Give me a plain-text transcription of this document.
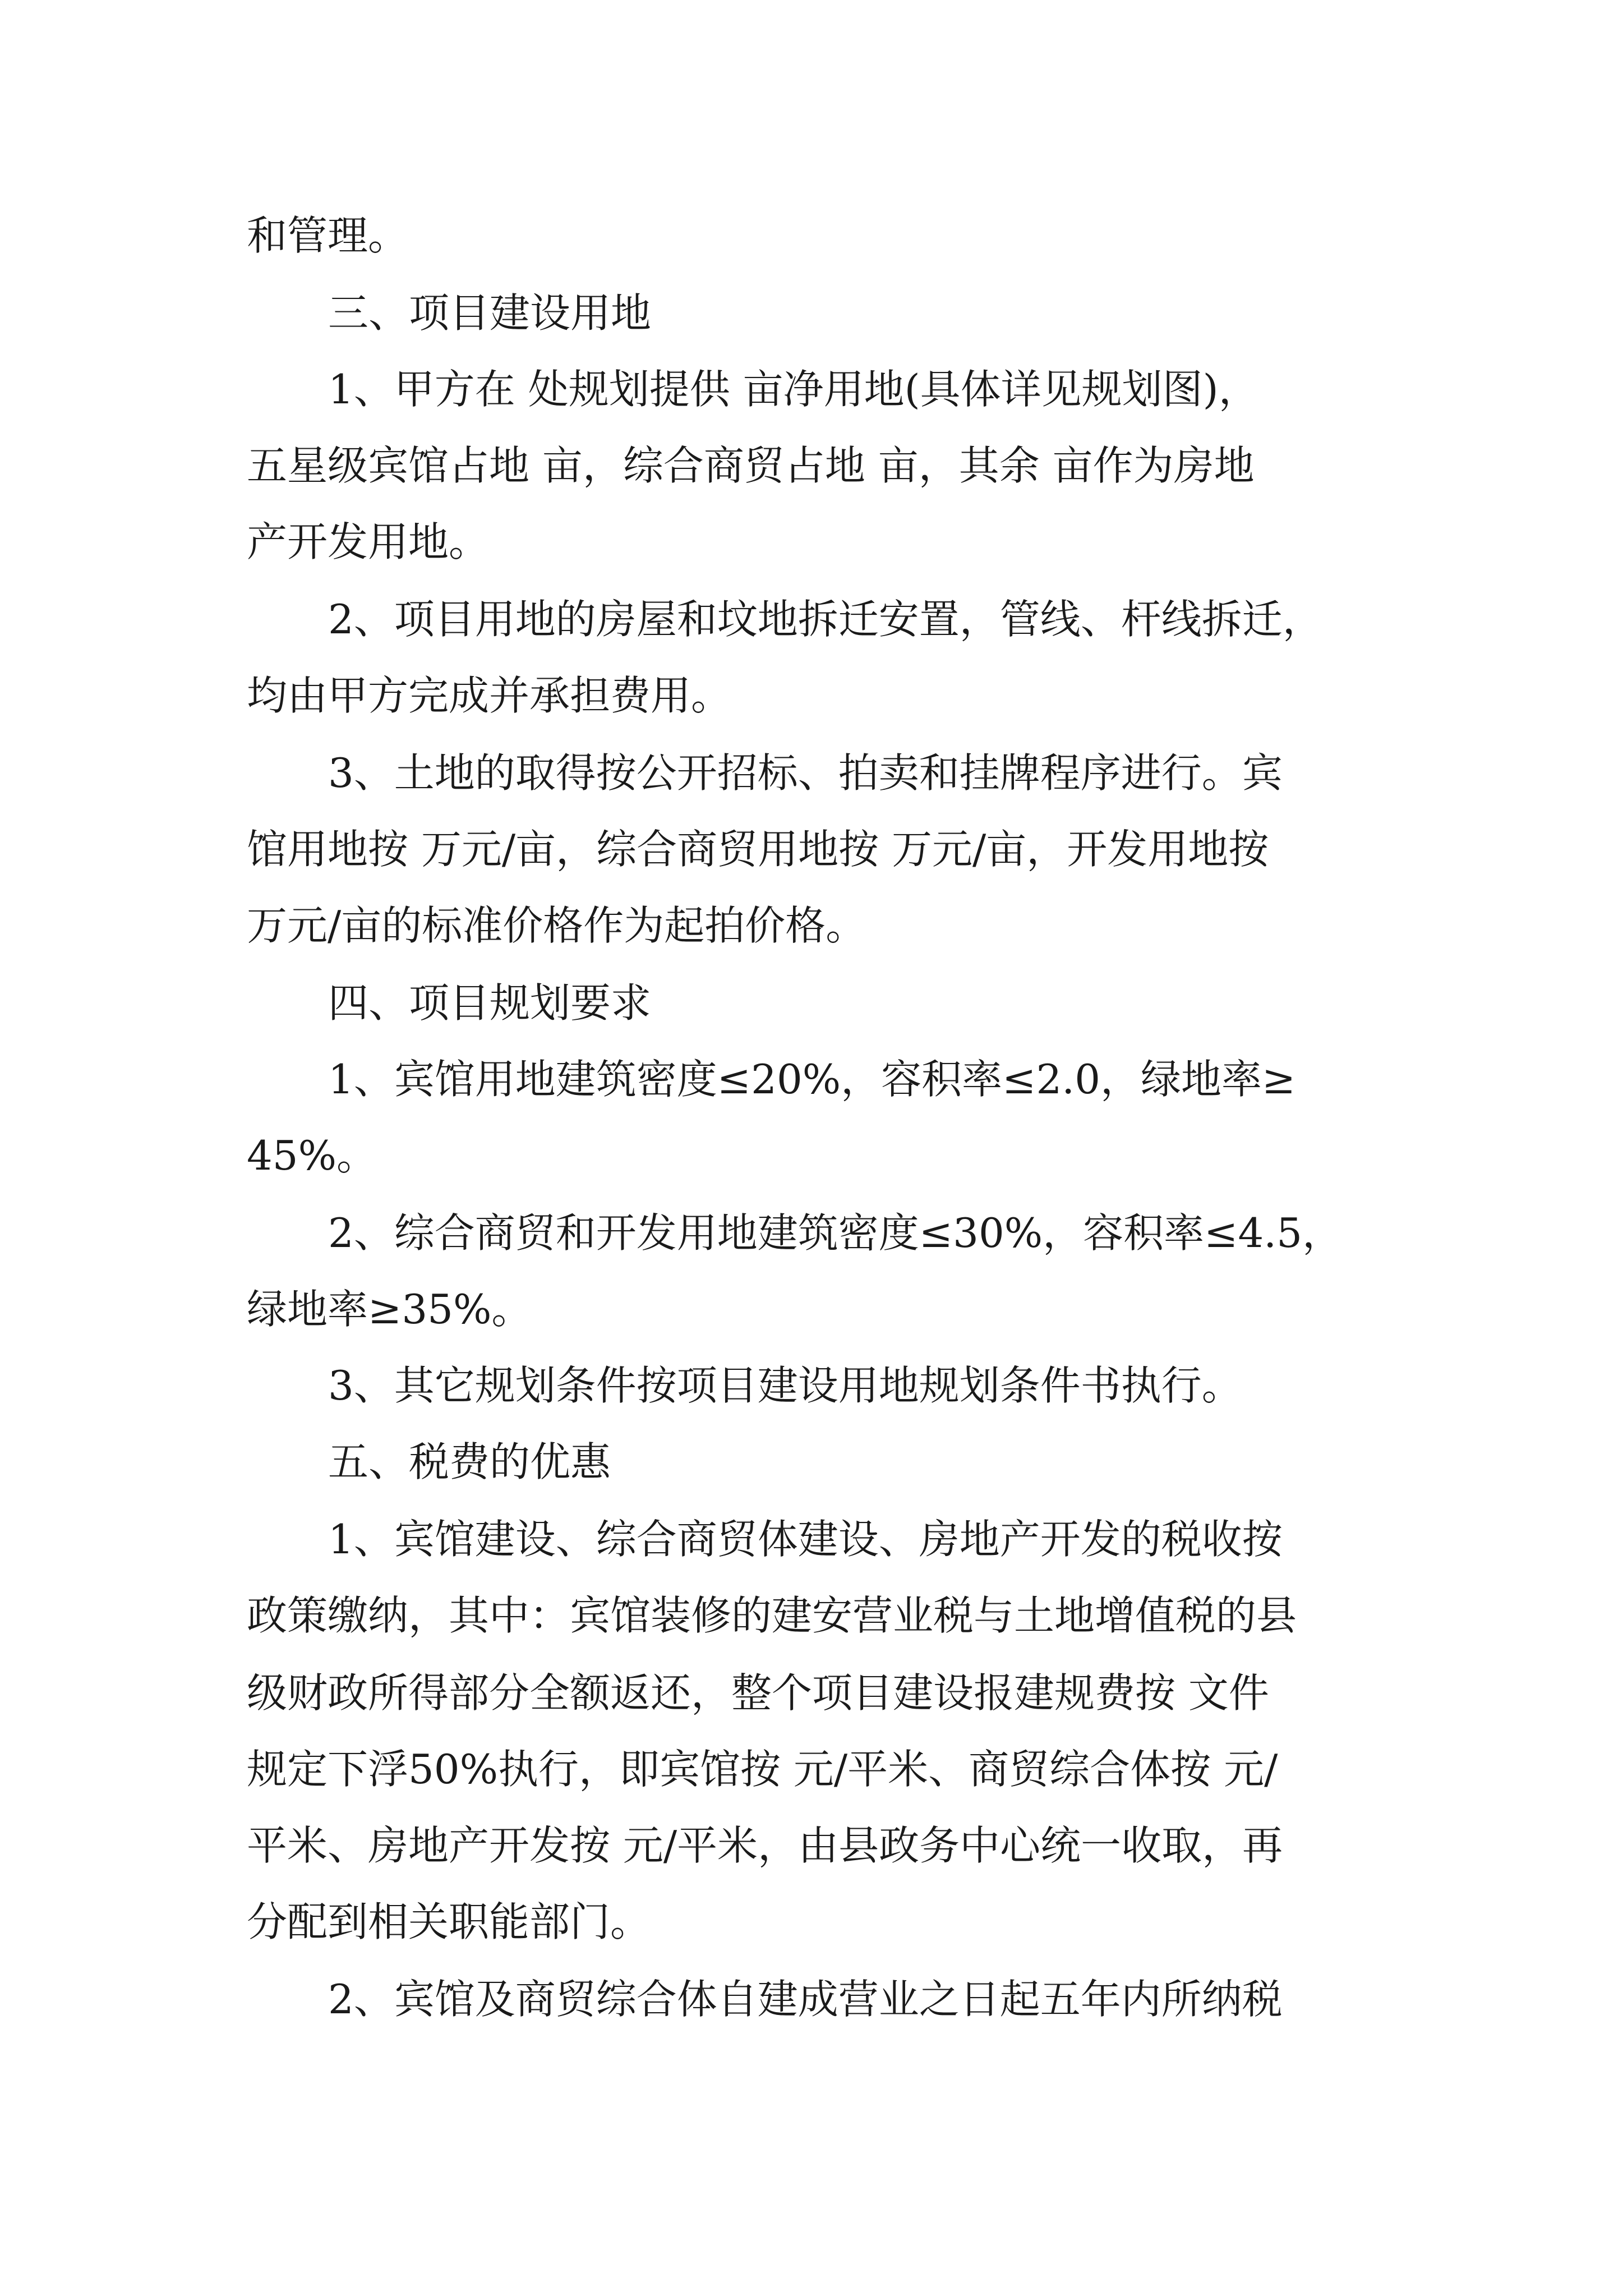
和管理。

三、项目建设用地

1、甲方在 处规划提供 亩净用地(具体详见规划图)，

五星级宾馆占地 亩，综合商贸占地 亩，其余 亩作为房地

产开发用地。

2、项目用地的房屋和坟地拆迁安置，管线、杆线拆迁，

均由甲方完成并承担费用。

3、土地的取得按公开招标、拍卖和挂牌程序进行。宾

馆用地按 万元/亩，综合商贸用地按 万元/亩，开发用地按

万元/亩的标准价格作为起拍价格。

四、项目规划要求

1、宾馆用地建筑密度≤20%，容积率≤2.0，绿地率≥

45%。

2、综合商贸和开发用地建筑密度≤30%，容积率≤4.5，

绿地率≥35%。

3、其它规划条件按项目建设用地规划条件书执行。

五、税费的优惠

1、宾馆建设、综合商贸体建设、房地产开发的税收按

政策缴纳，其中：宾馆装修的建安营业税与土地增值税的县

级财政所得部分全额返还，整个项目建设报建规费按 文件

规定下浮50%执行，即宾馆按 元/平米、商贸综合体按 元/

平米、房地产开发按 元/平米，由县政务中心统一收取，再

分配到相关职能部门。

2、宾馆及商贸综合体自建成营业之日起五年内所纳税
